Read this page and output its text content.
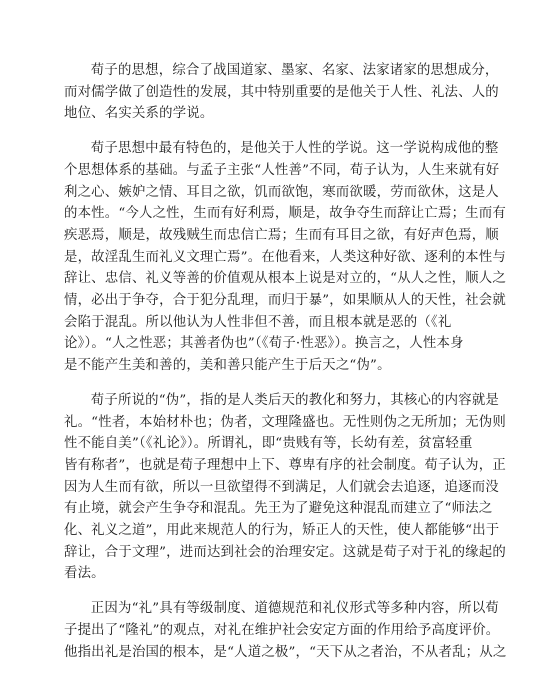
荀子的思想，综合了战国道家、墨家、名家、法家诸家的思想成分，
而对儒学做了创造性的发展，其中特别重要的是他关于人性、礼法、人的
地位、名实关系的学说。

荀子思想中最有特色的，是他关于人性的学说。这一学说构成他的整
个思想体系的基础。与孟子主张“人性善”不同，荀子认为，人生来就有好
利之心、嫉妒之情、耳目之欲，饥而欲饱，寒而欲暖，劳而欲休，这是人
的本性。“今人之性，生而有好利焉，顺是，故争夺生而辞让亡焉；生而有
疾恶焉，顺是，故残贼生而忠信亡焉；生而有耳目之欲，有好声色焉，顺
是，故淫乱生而礼义文理亡焉”。在他看来，人类这种好欲、逐利的本性与
辞让、忠信、礼义等善的价值观从根本上说是对立的，“从人之性，顺人之
情，必出于争夺，合于犯分乱理，而归于暴”，如果顺从人的天性，社会就
会陷于混乱。所以他认为人性非但不善，而且根本就是恶的（《礼
论》）。“人之性恶；其善者伪也”（《荀子·性恶》）。换言之，人性本身
是不能产生美和善的，美和善只能产生于后天之“伪”。

荀子所说的“伪”，指的是人类后天的教化和努力，其核心的内容就是
礼。“性者，本始材朴也；伪者，文理隆盛也。无性则伪之无所加；无伪则
性不能自美”（《礼论》）。所谓礼，即“贵贱有等，长幼有差，贫富轻重
皆有称者”，也就是荀子理想中上下、尊卑有序的社会制度。荀子认为，正
因为人生而有欲，所以一旦欲望得不到满足，人们就会去追逐，追逐而没
有止境，就会产生争夺和混乱。先王为了避免这种混乱而建立了“师法之
化、礼义之道”，用此来规范人的行为，矫正人的天性，使人都能够“出于
辞让，合于文理”，进而达到社会的治理安定。这就是荀子对于礼的缘起的
看法。

正因为“礼”具有等级制度、道德规范和礼仪形式等多种内容，所以荀
子提出了“隆礼”的观点，对礼在维护社会安定方面的作用给予高度评价。
他指出礼是治国的根本，是“人道之极”，“天下从之者治，不从者乱；从之
